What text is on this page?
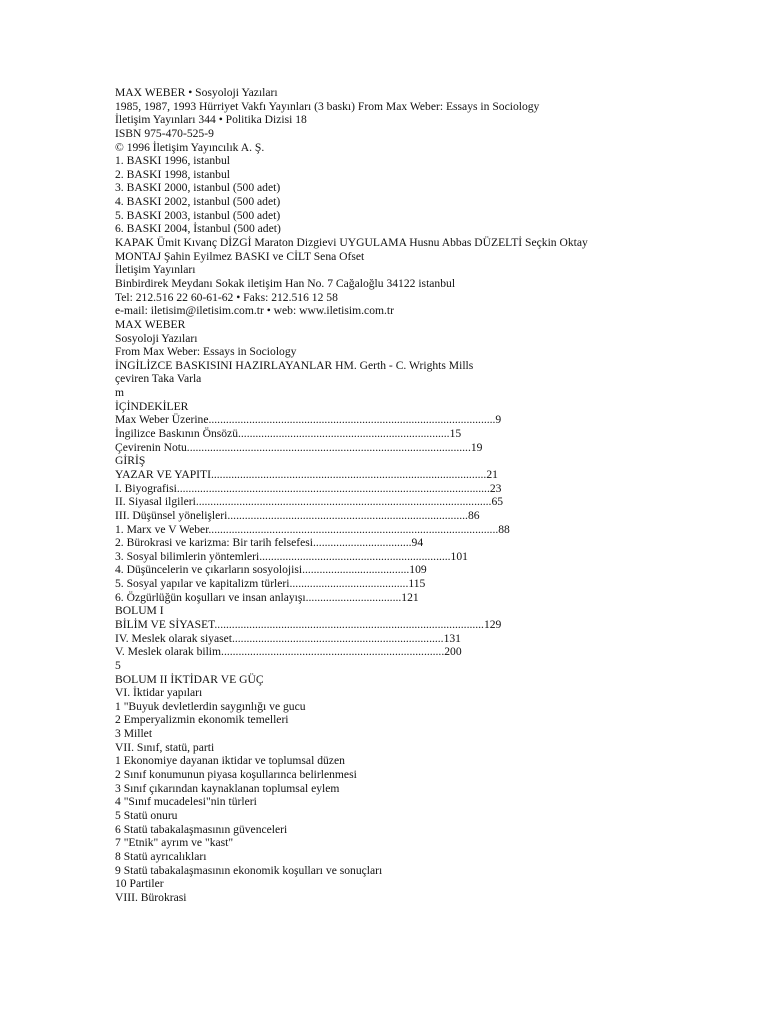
MAX WEBER • Sosyoloji Yazıları
1985, 1987, 1993 Hürriyet Vakfı Yayınları (3 baskı) From Max Weber: Essays in Sociology
İletişim Yayınları 344 • Politika Dizisi 18
ISBN 975-470-525-9
© 1996 İletişim Yayıncılık A. Ş.
1. BASKI 1996, istanbul
2. BASKI 1998, istanbul
3. BASKI 2000, istanbul (500 adet)
4. BASKI 2002, istanbul (500 adet)
5. BASKI 2003, istanbul (500 adet)
6. BASKI 2004, İstanbul (500 adet)
KAPAK Ümit Kıvanç DİZGİ Maraton Dizgievi UYGULAMA Husnu Abbas DÜZELTİ Seçkin Oktay
MONTAJ Şahin Eyilmez BASKI ve CİLT Sena Ofset
İletişim Yayınları
Binbirdirek Meydanı Sokak iletişim Han No. 7 Cağaloğlu 34122 istanbul
Tel: 212.516 22 60-61-62 • Faks: 212.516 12 58
e-mail: iletisim@iletisim.com.tr • web: www.iletisim.com.tr
MAX WEBER
Sosyoloji Yazıları
From Max Weber: Essays in Sociology
İNGİLİZCE BASKISINI HAZIRLAYANLAR HM. Gerth - C. Wrights Mills
çeviren Taka Varla
m
İÇİNDEKİLER
Max Weber Üzerine...................................................................................................9
İngilizce Baskının Önsözü.........................................................................15
Çevirenin Notu..................................................................................................19
GİRİŞ
YAZAR VE YAPITI...............................................................................................21
I. Biyografisi............................................................................................................23
II. Siyasal ilgileri......................................................................................................65
III. Düşünsel yönelişleri...................................................................................86
1. Marx ve V Weber....................................................................................................88
2. Bürokrasi ve karizma: Bir tarih felsefesi..................................94
3. Sosyal bilimlerin yöntemleri..................................................................101
4. Düşüncelerin ve çıkarların sosyolojisi.....................................109
5. Sosyal yapılar ve kapitalizm türleri.........................................115
6. Özgürlüğün koşulları ve insan anlayışı.................................121
BOLUM I
BİLİM VE SİYASET.............................................................................................129
IV. Meslek olarak siyaset.........................................................................131
V. Meslek olarak bilim.............................................................................200
5
BOLUM II İKTİDAR VE GÜÇ
VI. İktidar yapıları
1 "Buyuk devletlerdin saygınlığı ve gucu
2 Emperyalizmin ekonomik temelleri
3 Millet
VII. Sınıf, statü, parti
1 Ekonomiye dayanan iktidar ve toplumsal düzen
2 Sınıf konumunun piyasa koşullarınca belirlenmesi
3 Sınıf çıkarından kaynaklanan toplumsal eylem
4 "Sınıf mucadelesi"nin türleri
5 Statü onuru
6 Statü tabakalaşmasının güvenceleri
7 "Etnik" ayrım ve "kast"
8 Statü ayrıcalıkları
9 Statü tabakalaşmasının ekonomik koşulları ve sonuçları
10 Partiler
VIII. Bürokrasi
